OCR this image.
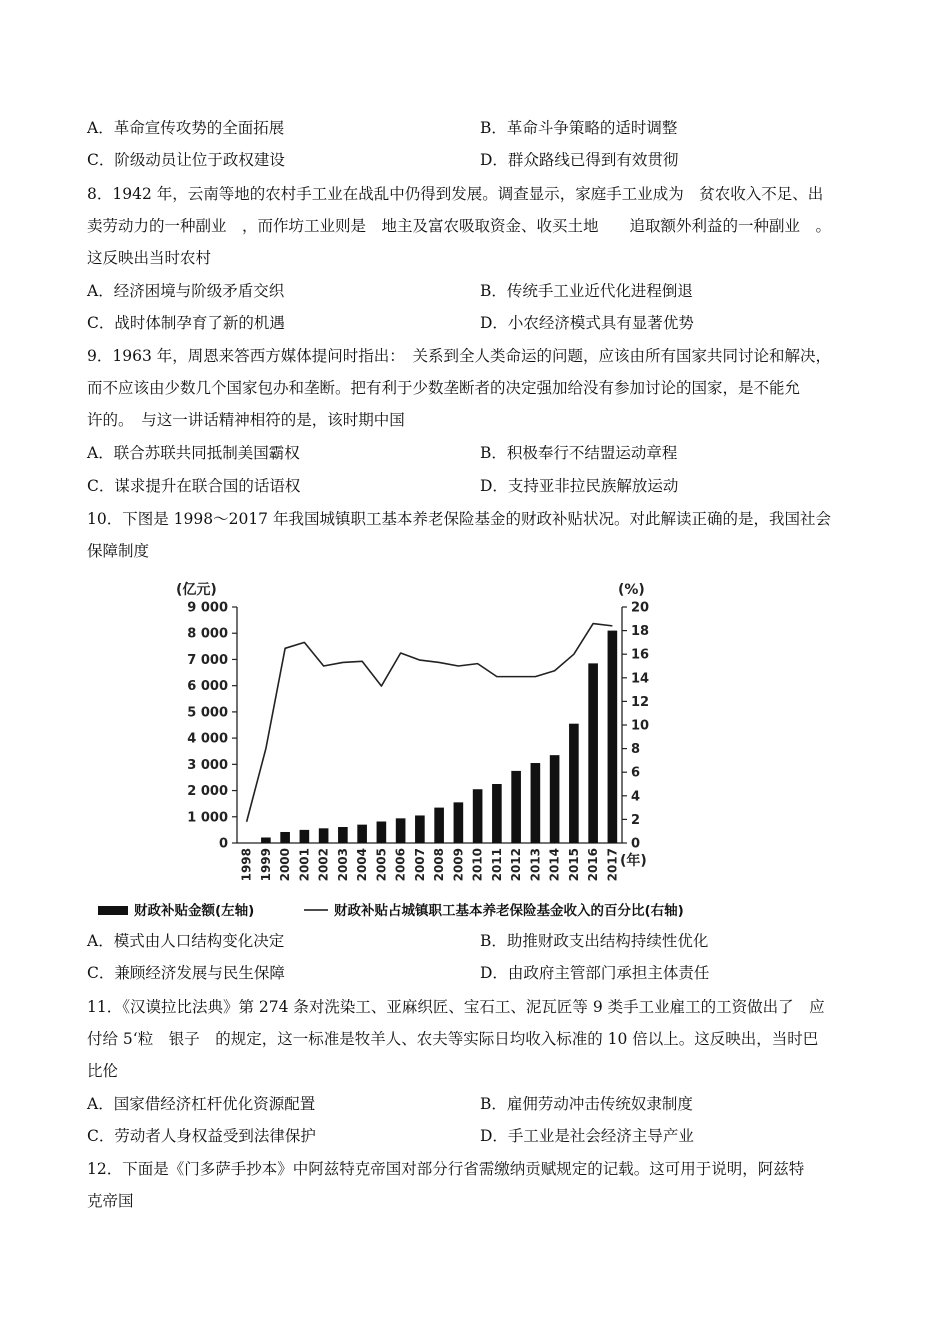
A．革命宣传攻势的全面拓展	B．革命斗争策略的适时调整
C．阶级动员让位于政权建设	D．群众路线已得到有效贯彻
8．1942 年，云南等地的农村手工业在战乱中仍得到发展。调查显示，家庭手工业成为　贫农收入不足、出
卖劳动力的一种副业　，而作坊工业则是　地主及富农吸取资金、收买土地　　追取额外利益的一种副业　。
这反映出当时农村
A．经济困境与阶级矛盾交织	B．传统手工业近代化进程倒退
C．战时体制孕育了新的机遇	D．小农经济模式具有显著优势
9．1963 年，周恩来答西方媒体提问时指出：　关系到全人类命运的问题，应该由所有国家共同讨论和解决，
而不应该由少数几个国家包办和垄断。把有利于少数垄断者的决定强加给没有参加讨论的国家，是不能允
许的。　与这一讲话精神相符的是，该时期中国
A．联合苏联共同抵制美国霸权	B．积极奉行不结盟运动章程
C．谋求提升在联合国的话语权	D．支持亚非拉民族解放运动
10．下图是 1998～2017 年我国城镇职工基本养老保险基金的财政补贴状况。对此解读正确的是，我国社会
保障制度
(亿元)	(%)
(年)
0
1 000
2 000
3 000
4 000
5 000
6 000
7 000
8 000
9 000
0
2
4
6
8
10
12
14
16
18
20
1998 1999 2000 2001 2002 2003 2004 2005 2006 2007 2008 2009 2010 2011 2012 2013 2014 2015 2016 2017
财政补贴金额(左轴)	财政补贴占城镇职工基本养老保险基金收入的百分比(右轴)
A．模式由人口结构变化决定	B．助推财政支出结构持续性优化
C．兼顾经济发展与民生保障	D．由政府主管部门承担主体责任
11．《汉谟拉比法典》第 274 条对洗染工、亚麻织匠、宝石工、泥瓦匠等 9 类手工业雇工的工资做出了　应
付给 5‘粒　银子　的规定，这一标准是牧羊人、农夫等实际日均收入标准的 10 倍以上。这反映出，当时巴
比伦
A．国家借经济杠杆优化资源配置	B．雇佣劳动冲击传统奴隶制度
C．劳动者人身权益受到法律保护	D．手工业是社会经济主导产业
12．下面是《门多萨手抄本》中阿兹特克帝国对部分行省需缴纳贡赋规定的记载。这可用于说明，阿兹特
克帝国
